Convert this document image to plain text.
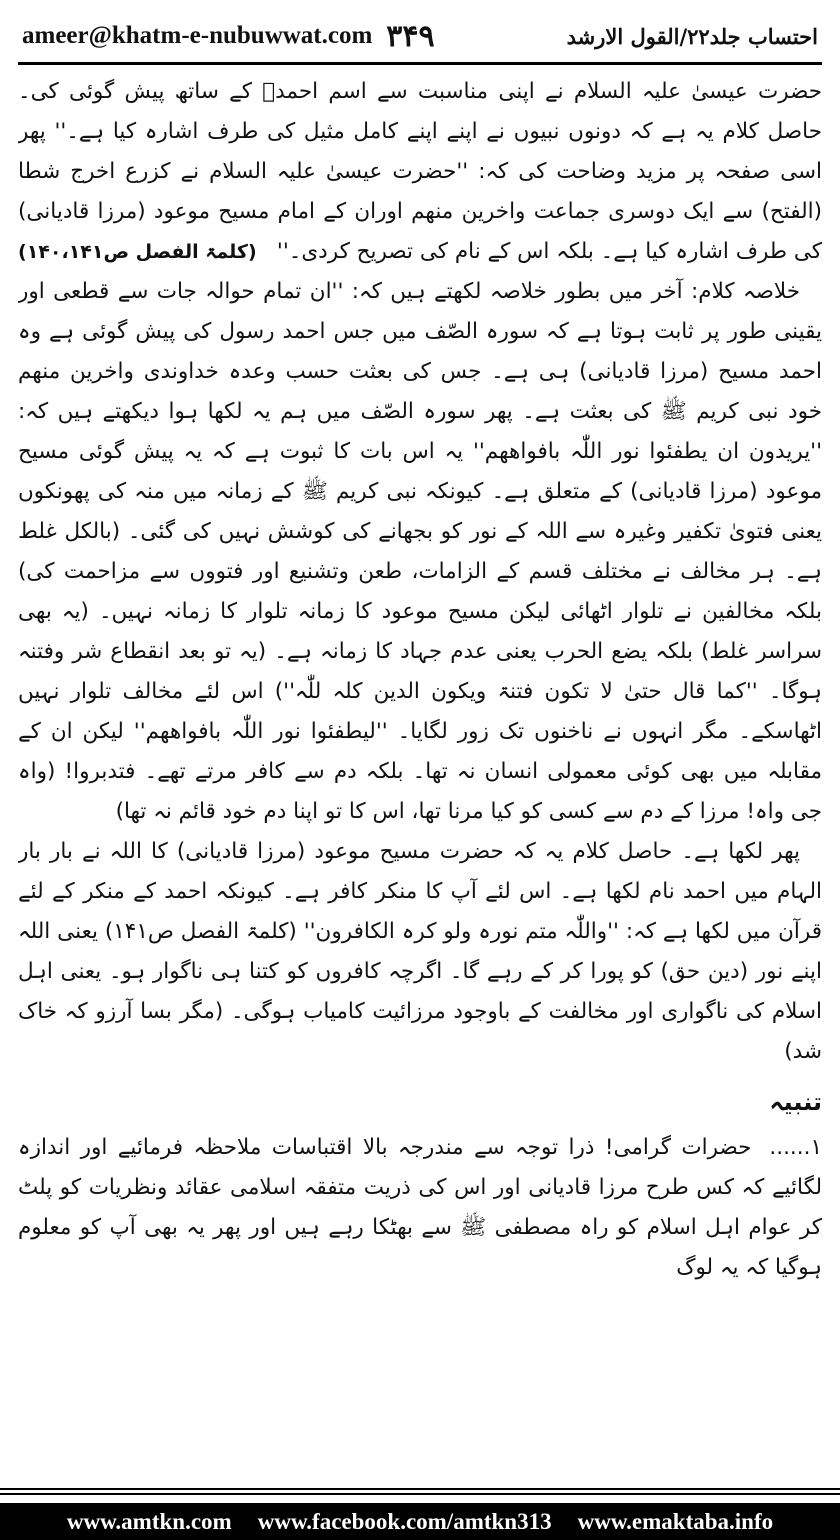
ameer@khatm-e-nubuwwat.com ۳۴۹	احتساب جلد۲۲/القول الارشد

حضرت عیسیٰ علیہ السلام نے اپنی مناسبت سے اسم احمدؐ کے ساتھ پیش گوئی کی۔ حاصل کلام یہ ہے کہ دونوں نبیوں نے اپنے اپنے کامل مثیل کی طرف اشارہ کیا ہے۔'' پھر اسی صفحہ پر مزید وضاحت کی کہ: ''حضرت عیسیٰ علیہ السلام نے کزرع اخرج شطا (الفتح) سے ایک دوسری جماعت واخرین منھم اوران کے امام مسیح موعود (مرزا قادیانی) کی طرف اشارہ کیا ہے۔ بلکہ اس کے نام کی تصریح کردی۔''
(کلمۃ الفصل ص۱۴۰،۱۴۱)

خلاصہ کلام: آخر میں بطور خلاصہ لکھتے ہیں کہ: ''ان تمام حوالہ جات سے قطعی اور یقینی طور پر ثابت ہوتا ہے کہ سورہ الصّف میں جس احمد رسول کی پیش گوئی ہے وہ احمد مسیح (مرزا قادیانی) ہی ہے۔ جس کی بعثت حسب وعدہ خداوندی واخرین منھم خود نبی کریم ﷺ کی بعثت ہے۔ پھر سورہ الصّف میں ہم یہ لکھا ہوا دیکھتے ہیں کہ: ''یریدون ان یطفئوا نور اللّٰہ بافواھھم'' یہ اس بات کا ثبوت ہے کہ یہ پیش گوئی مسیح موعود (مرزا قادیانی) کے متعلق ہے۔ کیونکہ نبی کریم ﷺ کے زمانہ میں منہ کی پھونکوں یعنی فتویٰ تکفیر وغیرہ سے اللہ کے نور کو بجھانے کی کوشش نہیں کی گئی۔ (بالکل غلط ہے۔ ہر مخالف نے مختلف قسم کے الزامات، طعن وتشنیع اور فتووں سے مزاحمت کی) بلکہ مخالفین نے تلوار اٹھائی لیکن مسیح موعود کا زمانہ تلوار کا زمانہ نہیں۔ (یہ بھی سراسر غلط) بلکہ یضع الحرب یعنی عدم جہاد کا زمانہ ہے۔ (یہ تو بعد انقطاع شر وفتنہ ہوگا۔ ''کما قال حتیٰ لا تکون فتنۃ ویکون الدین کلہ للّٰہ'') اس لئے مخالف تلوار نہیں اٹھاسکے۔ مگر انہوں نے ناخنوں تک زور لگایا۔ ''لیطفئوا نور اللّٰہ بافواھھم'' لیکن ان کے مقابلہ میں بھی کوئی معمولی انسان نہ تھا۔ بلکہ دم سے کافر مرتے تھے۔ فتدبروا! (واہ جی واہ! مرزا کے دم سے کسی کو کیا مرنا تھا، اس کا تو اپنا دم خود قائم نہ تھا)

پھر لکھا ہے۔ حاصل کلام یہ کہ حضرت مسیح موعود (مرزا قادیانی) کا اللہ نے بار بار الہام میں احمد نام لکھا ہے۔ اس لئے آپ کا منکر کافر ہے۔ کیونکہ احمد کے منکر کے لئے قرآن میں لکھا ہے کہ: ''واللّٰہ متم نورہ ولو کرہ الکافرون'' (کلمۃ الفصل ص۱۴۱) یعنی اللہ اپنے نور (دین حق) کو پورا کر کے رہے گا۔ اگرچہ کافروں کو کتنا ہی ناگوار ہو۔ یعنی اہل اسلام کی ناگواری اور مخالفت کے باوجود مرزائیت کامیاب ہوگی۔ (مگر بسا آرزو کہ خاک شد)

تنبیہ

۱......حضرات گرامی! ذرا توجہ سے مندرجہ بالا اقتباسات ملاحظہ فرمائیے اور اندازہ لگائیے کہ کس طرح مرزا قادیانی اور اس کی ذریت متفقہ اسلامی عقائد ونظریات کو پلٹ کر عوام اہل اسلام کو راہ مصطفی ﷺ سے بھٹکا رہے ہیں اور پھر یہ بھی آپ کو معلوم ہوگیا کہ یہ لوگ

www.amtkn.com www.facebook.com/amtkn313 www.emaktaba.info
